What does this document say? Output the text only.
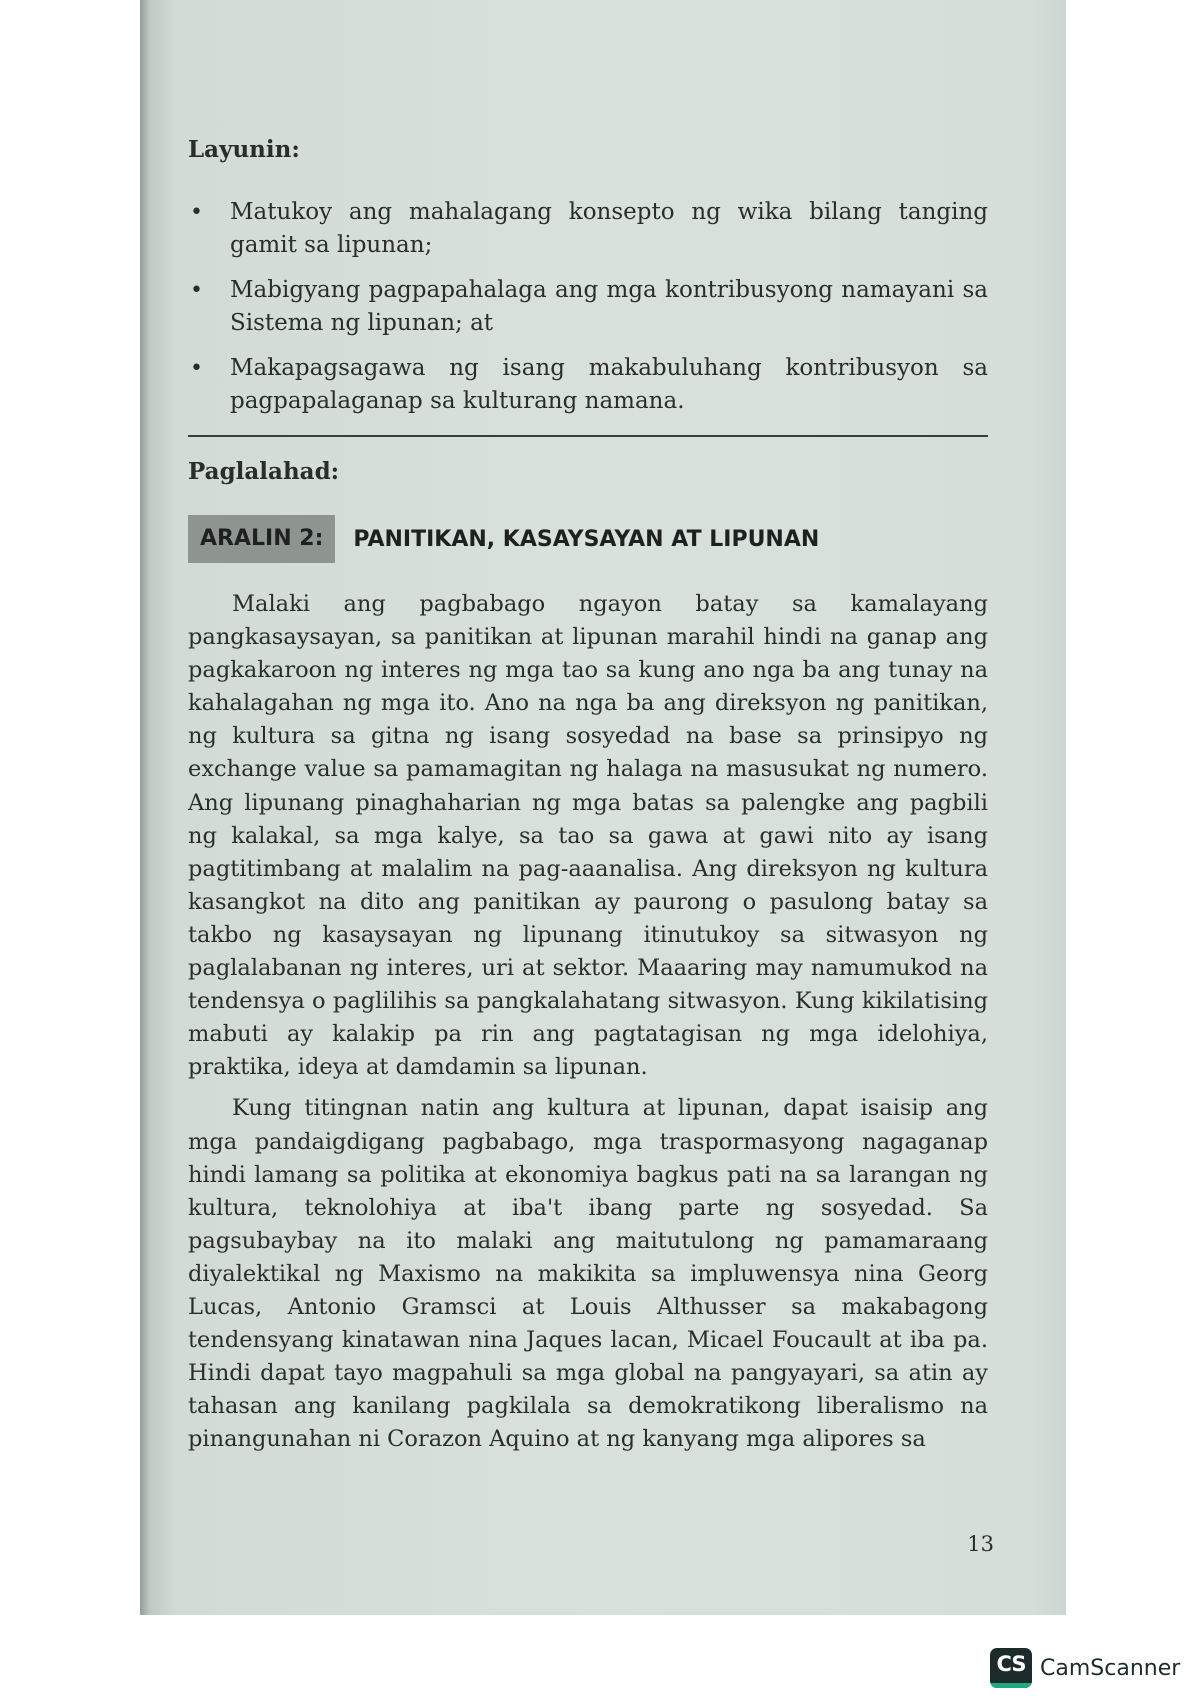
Layunin:
• Matukoy ang mahalagang konsepto ng wika bilang tanging gamit sa lipunan;
• Mabigyang pagpapahalaga ang mga kontribusyong namayani sa Sistema ng lipunan; at
• Makapagsagawa ng isang makabuluhang kontribusyon sa pagpapalaganap sa kulturang namana.
Paglalahad:
ARALIN 2:	PANITIKAN, KASAYSAYAN AT LIPUNAN

Malaki ang pagbabago ngayon batay sa kamalayang pangkasaysayan, sa panitikan at lipunan marahil hindi na ganap ang pagkakaroon ng interes ng mga tao sa kung ano nga ba ang tunay na kahalagahan ng mga ito. Ano na nga ba ang direksyon ng panitikan, ng kultura sa gitna ng isang sosyedad na base sa prinsipyo ng exchange value sa pamamagitan ng halaga na masusukat ng numero. Ang lipunang pinaghaharian ng mga batas sa palengke ang pagbili ng kalakal, sa mga kalye, sa tao sa gawa at gawi nito ay isang pagtitimbang at malalim na pag-aaanalisa. Ang direksyon ng kultura kasangkot na dito ang panitikan ay paurong o pasulong batay sa takbo ng kasaysayan ng lipunang itinutukoy sa sitwasyon ng paglalabanan ng interes, uri at sektor. Maaaring may namumukod na tendensya o paglilihis sa pangkalahatang sitwasyon. Kung kikilatising mabuti ay kalakip pa rin ang pagtatagisan ng mga idelohiya, praktika, ideya at damdamin sa lipunan.

Kung titingnan natin ang kultura at lipunan, dapat isaisip ang mga pandaigdigang pagbabago, mga traspormasyong nagaganap hindi lamang sa politika at ekonomiya bagkus pati na sa larangan ng kultura, teknolohiya at iba't ibang parte ng sosyedad. Sa pagsubaybay na ito malaki ang maitutulong ng pamamaraang diyalektikal ng Maxismo na makikita sa impluwensya nina Georg Lucas, Antonio Gramsci at Louis Althusser sa makabagong tendensyang kinatawan nina Jaques lacan, Micael Foucault at iba pa. Hindi dapat tayo magpahuli sa mga global na pangyayari, sa atin ay tahasan ang kanilang pagkilala sa demokratikong liberalismo na pinangunahan ni Corazon Aquino at ng kanyang mga alipores sa

13
CS CamScanner
